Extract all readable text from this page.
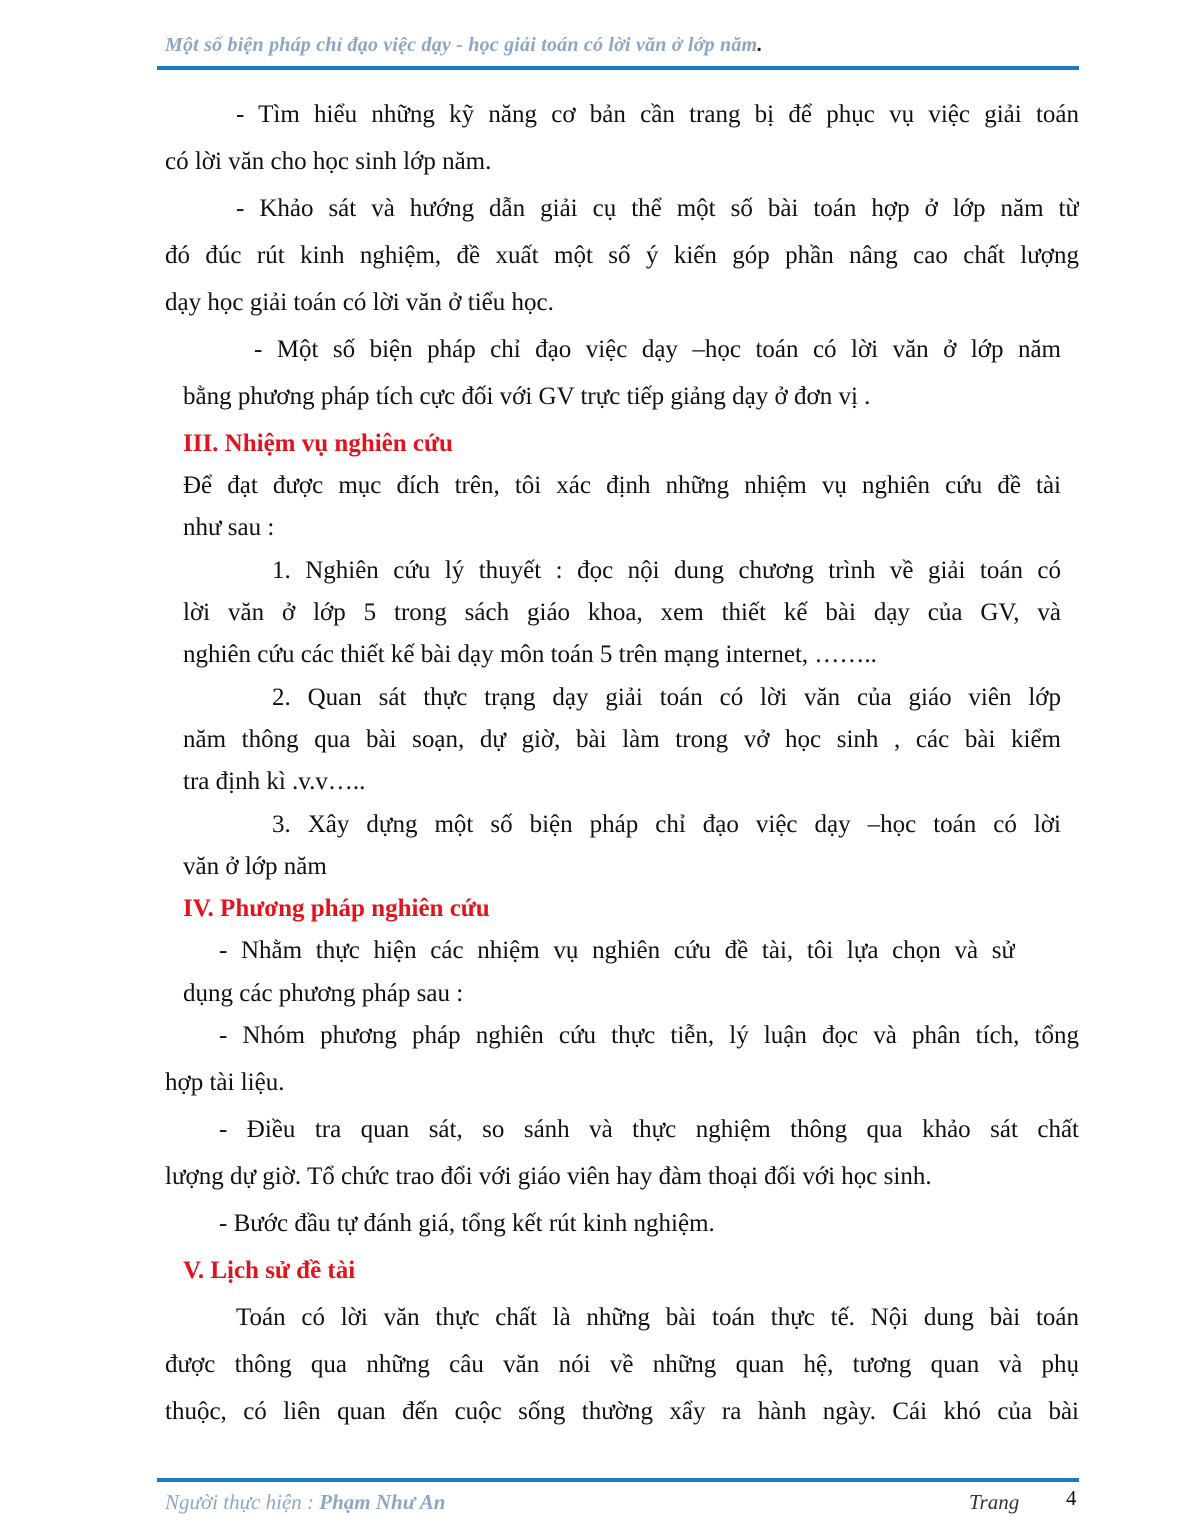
Một số biện pháp chỉ đạo việc dạy - học giải toán có lời văn ở lớp năm.
- Tìm hiểu những kỹ năng cơ bản cần trang bị để phục vụ việc giải toán
có lời văn cho học sinh lớp năm.
- Khảo sát và hướng dẫn giải cụ thể một số bài toán hợp ở lớp năm từ
đó đúc rút kinh nghiệm, đề xuất một số ý kiến góp phần nâng cao chất lượng
dạy học giải toán có lời văn ở tiểu học.
- Một số biện pháp chỉ đạo việc dạy –học toán có lời văn ở lớp năm
bằng phương pháp tích cực đối với GV trực tiếp giảng dạy ở đơn vị .
III. Nhiệm vụ nghiên cứu
Để đạt được mục đích trên, tôi xác định những nhiệm vụ nghiên cứu đề tài
như sau :
1. Nghiên cứu lý thuyết : đọc nội dung chương trình về giải toán có
lời văn ở lớp 5 trong sách giáo khoa, xem thiết kế bài dạy của GV, và
nghiên cứu các thiết kế bài dạy môn toán 5 trên mạng internet, ……..
2. Quan sát thực trạng dạy giải toán có lời văn của giáo viên lớp
năm thông qua bài soạn, dự giờ, bài làm trong vở học sinh , các bài kiểm
tra định kì .v.v…..
3. Xây dựng một số biện pháp chỉ đạo việc dạy –học toán có lời
văn ở lớp năm
IV. Phương pháp nghiên cứu
- Nhằm thực hiện các nhiệm vụ nghiên cứu đề tài, tôi lựa chọn và sử
dụng các phương pháp sau :
- Nhóm phương pháp nghiên cứu thực tiễn, lý luận đọc và phân tích, tổng
hợp tài liệu.
- Điều tra quan sát, so sánh và thực nghiệm thông qua khảo sát chất
lượng dự giờ. Tổ chức trao đổi với giáo viên hay đàm thoại đối với học sinh.
- Bước đầu tự đánh giá, tổng kết rút kinh nghiệm.
V. Lịch sử đề tài
Toán có lời văn thực chất là những bài toán thực tế. Nội dung bài toán
được thông qua những câu văn nói về những quan hệ, tương quan và phụ
thuộc, có liên quan đến cuộc sống thường xẩy ra hành ngày. Cái khó của bài
Người thực hiện : Phạm Như An	Trang 4
